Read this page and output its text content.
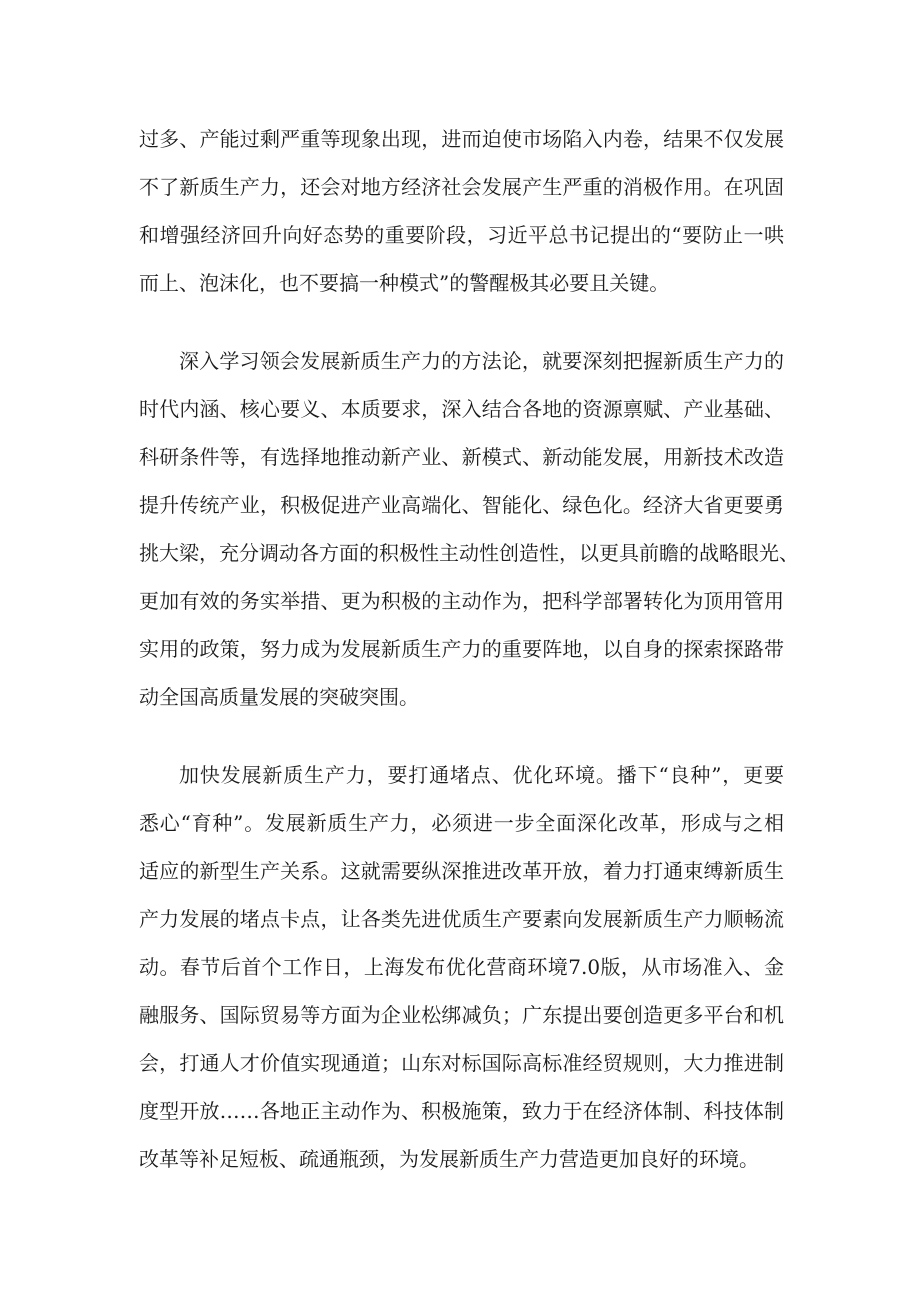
过多、产能过剩严重等现象出现，进而迫使市场陷入内卷，结果不仅发展
不了新质生产力，还会对地方经济社会发展产生严重的消极作用。在巩固
和增强经济回升向好态势的重要阶段，习近平总书记提出的“要防止一哄
而上、泡沫化，也不要搞一种模式”的警醒极其必要且关键。

深入学习领会发展新质生产力的方法论，就要深刻把握新质生产力的
时代内涵、核心要义、本质要求，深入结合各地的资源禀赋、产业基础、
科研条件等，有选择地推动新产业、新模式、新动能发展，用新技术改造
提升传统产业，积极促进产业高端化、智能化、绿色化。经济大省更要勇
挑大梁，充分调动各方面的积极性主动性创造性，以更具前瞻的战略眼光、
更加有效的务实举措、更为积极的主动作为，把科学部署转化为顶用管用
实用的政策，努力成为发展新质生产力的重要阵地，以自身的探索探路带
动全国高质量发展的突破突围。

加快发展新质生产力，要打通堵点、优化环境。播下“良种”，更要
悉心“育种”。发展新质生产力，必须进一步全面深化改革，形成与之相
适应的新型生产关系。这就需要纵深推进改革开放，着力打通束缚新质生
产力发展的堵点卡点，让各类先进优质生产要素向发展新质生产力顺畅流
动。春节后首个工作日，上海发布优化营商环境7.0版，从市场准入、金
融服务、国际贸易等方面为企业松绑减负；广东提出要创造更多平台和机
会，打通人才价值实现通道；山东对标国际高标准经贸规则，大力推进制
度型开放……各地正主动作为、积极施策，致力于在经济体制、科技体制
改革等补足短板、疏通瓶颈，为发展新质生产力营造更加良好的环境。
